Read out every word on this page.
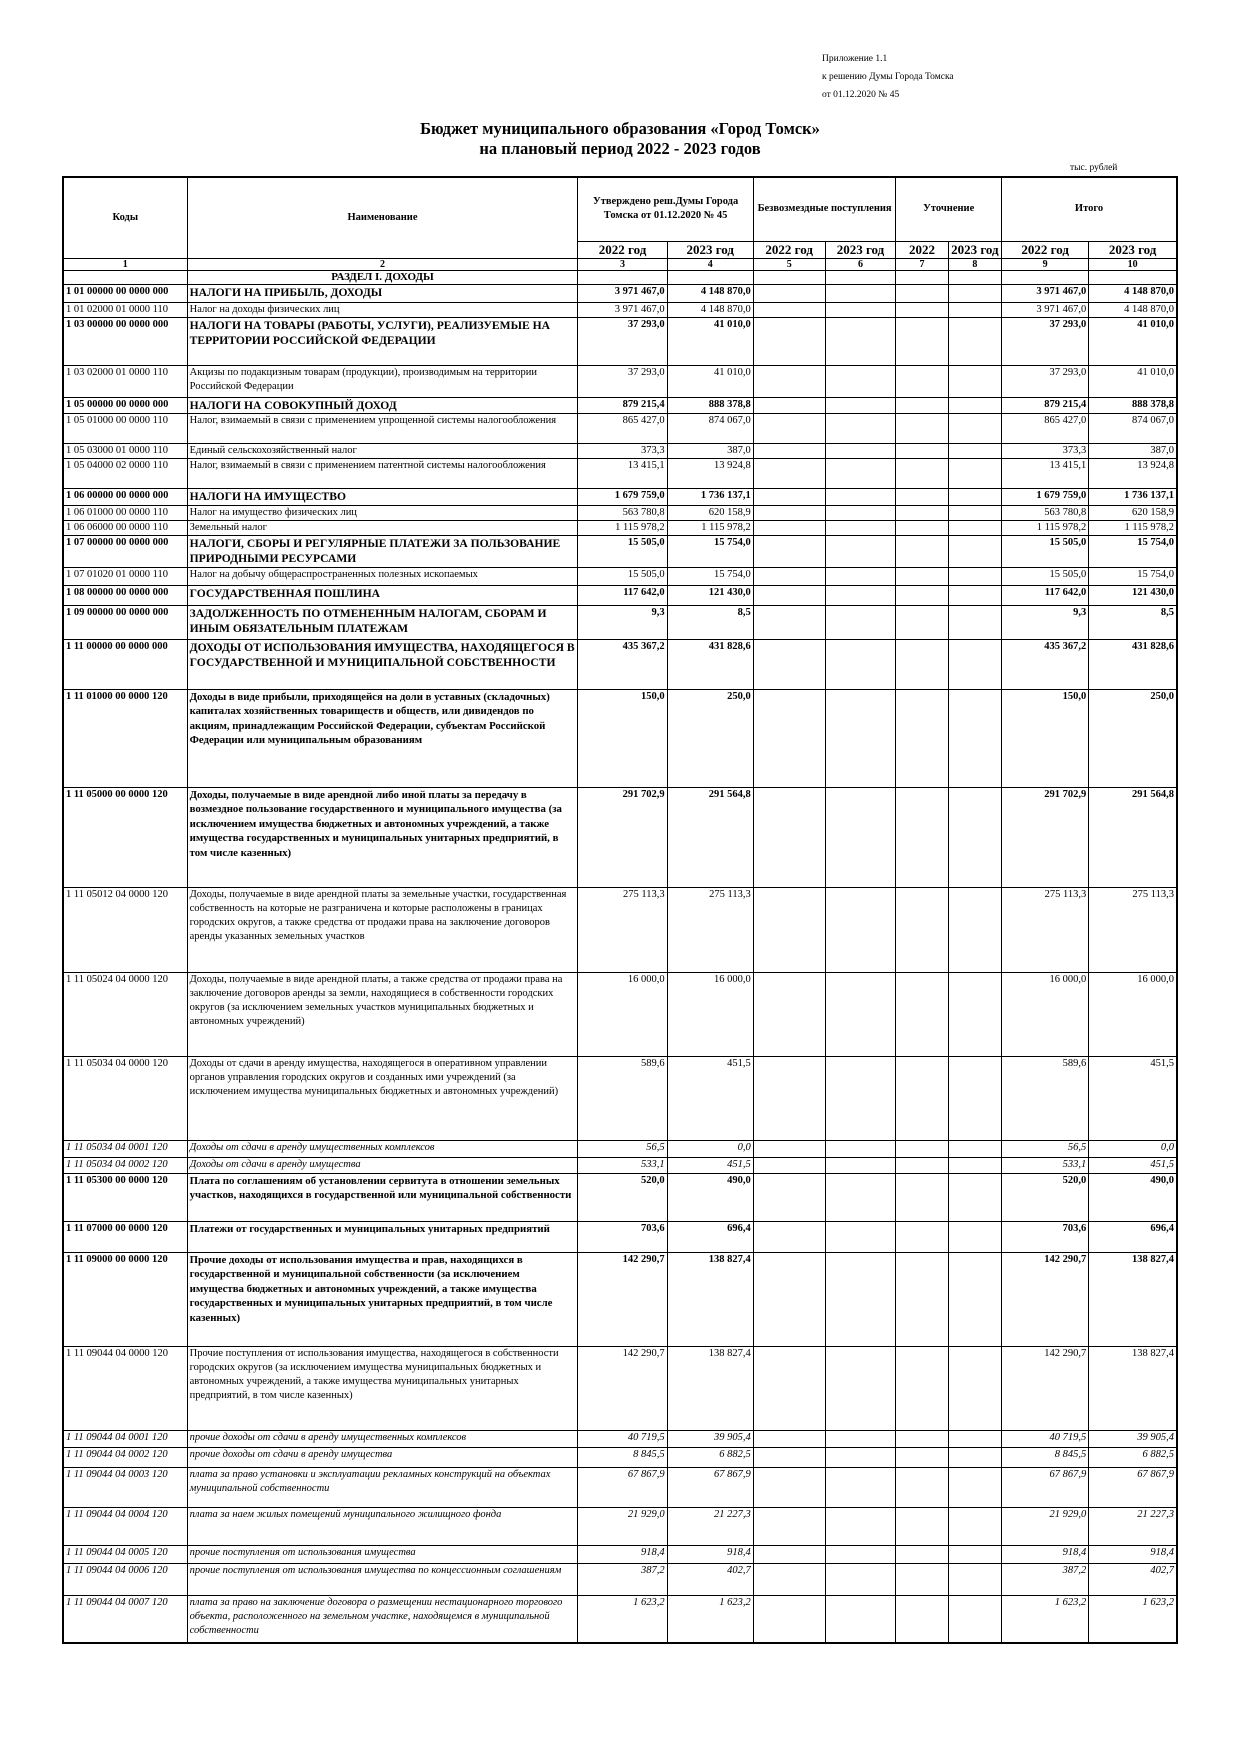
Приложение 1.1
к решению Думы Города Томска
от 01.12.2020 № 45
Бюджет муниципального образования «Город Томск»
на плановый период 2022 - 2023 годов
тыс. рублей
Коды	Наименование	Утверждено реш.Думы Города Томска от 01.12.2020 № 45		Безвозмездные поступления		Уточнение		Итого	
		2022 год	2023 год	2022 год	2023 год	2022	2023 год	2022 год	2023 год
1	2	3	4	5	6	7	8	9	10
	РАЗДЕЛ I. ДОХОДЫ								
1 01 00000 00 0000 000	НАЛОГИ НА ПРИБЫЛЬ, ДОХОДЫ	3 971 467,0	4 148 870,0					3 971 467,0	4 148 870,0
1 01 02000 01 0000 110	Налог на доходы физических лиц	3 971 467,0	4 148 870,0					3 971 467,0	4 148 870,0
1 03 00000 00 0000 000	НАЛОГИ НА ТОВАРЫ (РАБОТЫ, УСЛУГИ), РЕАЛИЗУЕМЫЕ НА ТЕРРИТОРИИ РОССИЙСКОЙ ФЕДЕРАЦИИ	37 293,0	41 010,0					37 293,0	41 010,0
1 03 02000 01 0000 110	Акцизы по подакцизным товарам (продукции), производимым на территории Российской Федерации	37 293,0	41 010,0					37 293,0	41 010,0
1 05 00000 00 0000 000	НАЛОГИ НА СОВОКУПНЫЙ ДОХОД	879 215,4	888 378,8					879 215,4	888 378,8
1 05 01000 00 0000 110	Налог, взимаемый в связи с применением упрощенной системы налогообложения	865 427,0	874 067,0					865 427,0	874 067,0
1 05 03000 01 0000 110	Единый сельскохозяйственный налог	373,3	387,0					373,3	387,0
1 05 04000 02 0000 110	Налог, взимаемый в связи с применением патентной системы налогообложения	13 415,1	13 924,8					13 415,1	13 924,8
1 06 00000 00 0000 000	НАЛОГИ НА ИМУЩЕСТВО	1 679 759,0	1 736 137,1					1 679 759,0	1 736 137,1
1 06 01000 00 0000 110	Налог на имущество физических лиц	563 780,8	620 158,9					563 780,8	620 158,9
1 06 06000 00 0000 110	Земельный налог	1 115 978,2	1 115 978,2					1 115 978,2	1 115 978,2
1 07 00000 00 0000 000	НАЛОГИ, СБОРЫ И РЕГУЛЯРНЫЕ ПЛАТЕЖИ ЗА ПОЛЬЗОВАНИЕ ПРИРОДНЫМИ РЕСУРСАМИ	15 505,0	15 754,0					15 505,0	15 754,0
1 07 01020 01 0000 110	Налог на добычу общераспространенных полезных ископаемых	15 505,0	15 754,0					15 505,0	15 754,0
1 08 00000 00 0000 000	ГОСУДАРСТВЕННАЯ ПОШЛИНА	117 642,0	121 430,0					117 642,0	121 430,0
1 09 00000 00 0000 000	ЗАДОЛЖЕННОСТЬ ПО ОТМЕНЕННЫМ НАЛОГАМ, СБОРАМ И ИНЫМ ОБЯЗАТЕЛЬНЫМ ПЛАТЕЖАМ	9,3	8,5					9,3	8,5
1 11 00000 00 0000 000	ДОХОДЫ ОТ ИСПОЛЬЗОВАНИЯ ИМУЩЕСТВА, НАХОДЯЩЕГОСЯ В ГОСУДАРСТВЕННОЙ И МУНИЦИПАЛЬНОЙ СОБСТВЕННОСТИ	435 367,2	431 828,6					435 367,2	431 828,6
1 11 01000 00 0000 120	Доходы в виде прибыли, приходящейся на доли в уставных (складочных) капиталах хозяйственных товариществ и обществ, или дивидендов по акциям, принадлежащим Российской Федерации, субъектам Российской Федерации или муниципальным образованиям	150,0	250,0					150,0	250,0
1 11 05000 00 0000 120	Доходы, получаемые в виде арендной либо иной платы за передачу в возмездное пользование государственного и муниципального имущества (за исключением имущества бюджетных и автономных учреждений, а также имущества государственных и муниципальных унитарных предприятий, в том числе казенных)	291 702,9	291 564,8					291 702,9	291 564,8
1 11 05012 04 0000 120	Доходы, получаемые в виде арендной платы за земельные участки, государственная собственность на которые не разграничена и которые расположены в границах городских округов, а также средства от продажи права на заключение договоров аренды указанных земельных участков	275 113,3	275 113,3					275 113,3	275 113,3
1 11 05024 04 0000 120	Доходы, получаемые в виде арендной платы, а также средства от продажи права на заключение договоров аренды за земли, находящиеся в собственности городских округов (за исключением земельных участков муниципальных бюджетных и автономных учреждений)	16 000,0	16 000,0					16 000,0	16 000,0
1 11 05034 04 0000 120	Доходы от сдачи в аренду имущества, находящегося в оперативном управлении органов управления городских округов и созданных ими учреждений (за исключением имущества муниципальных бюджетных и автономных учреждений)	589,6	451,5					589,6	451,5
1 11 05034 04 0001 120	Доходы от сдачи в аренду имущественных комплексов	56,5	0,0					56,5	0,0
1 11 05034 04 0002 120	Доходы от сдачи в аренду имущества	533,1	451,5					533,1	451,5
1 11 05300 00 0000 120	Плата по соглашениям об установлении сервитута в отношении земельных участков, находящихся в государственной или муниципальной собственности	520,0	490,0					520,0	490,0
1 11 07000 00 0000 120	Платежи от государственных и муниципальных унитарных предприятий	703,6	696,4					703,6	696,4
1 11 09000 00 0000 120	Прочие доходы от использования имущества и прав, находящихся в государственной и муниципальной собственности (за исключением имущества бюджетных и автономных учреждений, а также имущества государственных и муниципальных унитарных предприятий, в том числе казенных)	142 290,7	138 827,4					142 290,7	138 827,4
1 11 09044 04 0000 120	Прочие поступления от использования имущества, находящегося в собственности городских округов (за исключением имущества муниципальных бюджетных и автономных учреждений, а также имущества муниципальных унитарных предприятий, в том числе казенных)	142 290,7	138 827,4					142 290,7	138 827,4
1 11 09044 04 0001 120	прочие доходы от сдачи в аренду имущественных комплексов	40 719,5	39 905,4					40 719,5	39 905,4
1 11 09044 04 0002 120	прочие доходы от сдачи в аренду имущества	8 845,5	6 882,5					8 845,5	6 882,5
1 11 09044 04 0003 120	плата за право установки и эксплуатации рекламных конструкций на объектах муниципальной собственности	67 867,9	67 867,9					67 867,9	67 867,9
1 11 09044 04 0004 120	плата за наем жилых помещений муниципального жилищного фонда	21 929,0	21 227,3					21 929,0	21 227,3
1 11 09044 04 0005 120	прочие поступления от использования имущества	918,4	918,4					918,4	918,4
1 11 09044 04 0006 120	прочие поступления от использования имущества по концессионным соглашениям	387,2	402,7					387,2	402,7
1 11 09044 04 0007 120	плата за право на заключение договора о размещении нестационарного торгового объекта, расположенного на земельном участке, находящемся в муниципальной собственности	1 623,2	1 623,2					1 623,2	1 623,2
